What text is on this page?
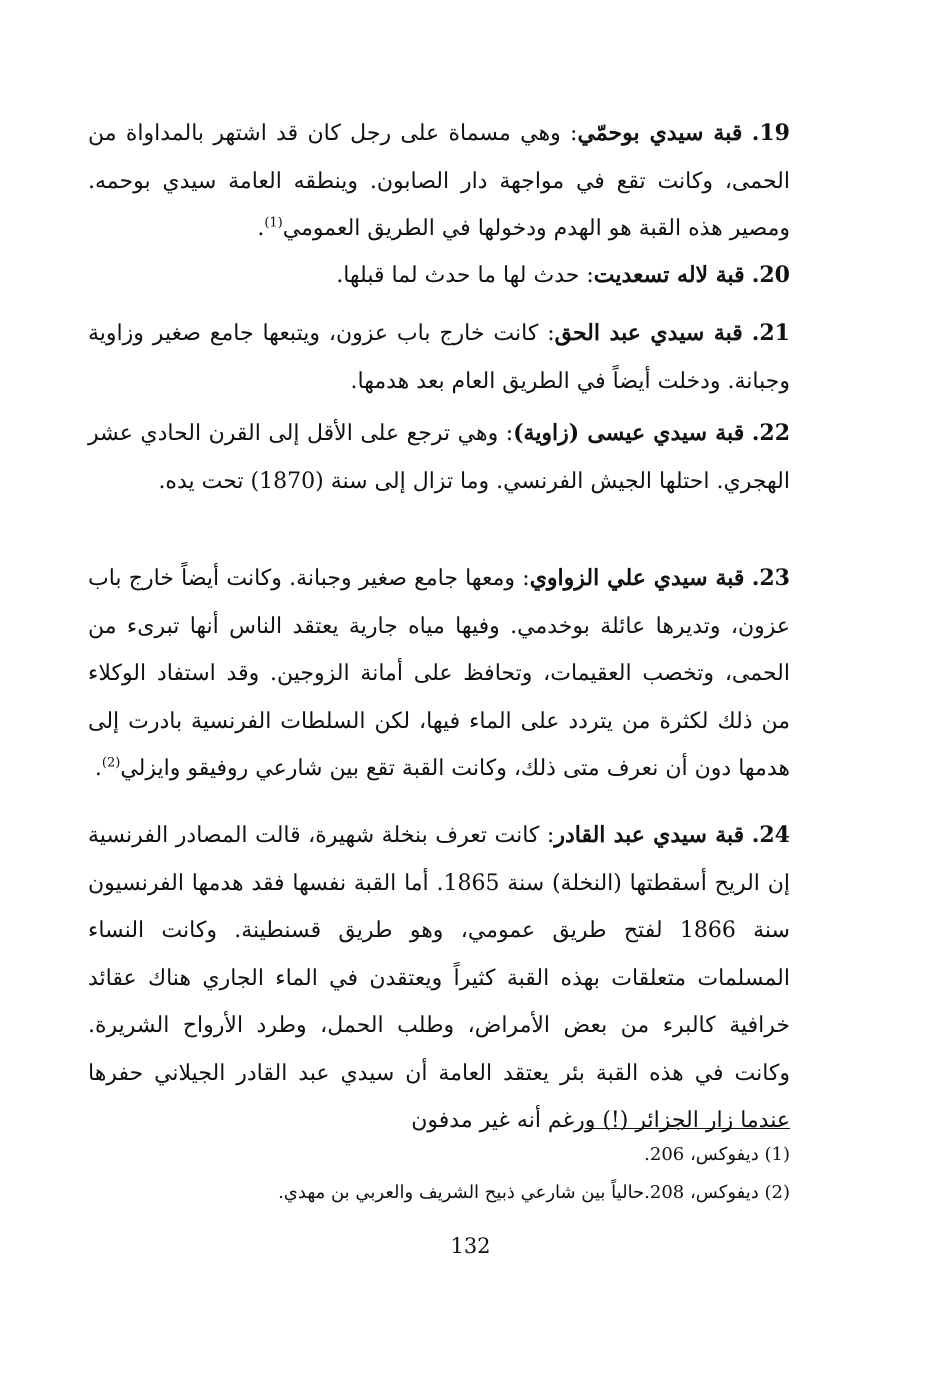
19. قبة سيدي بوحمّي: وهي مسماة على رجل كان قد اشتهر بالمداواة من الحمى، وكانت تقع في مواجهة دار الصابون. وينطقه العامة سيدي بوحمه. ومصير هذه القبة هو الهدم ودخولها في الطريق العمومي$^{(1)}$.

20. قبة لاله تسعديت: حدث لها ما حدث لما قبلها.

21. قبة سيدي عبد الحق: كانت خارج باب عزون، ويتبعها جامع صغير وزاوية وجبانة. ودخلت أيضاً في الطريق العام بعد هدمها.

22. قبة سيدي عيسى (زاوية): وهي ترجع على الأقل إلى القرن الحادي عشر الهجري. احتلها الجيش الفرنسي. وما تزال إلى سنة (1870) تحت يده.

23. قبة سيدي علي الزواوي: ومعها جامع صغير وجبانة. وكانت أيضاً خارج باب عزون، وتديرها عائلة بوخدمي. وفيها مياه جارية يعتقد الناس أنها تبرىء من الحمى، وتخصب العقيمات، وتحافظ على أمانة الزوجين. وقد استفاد الوكلاء من ذلك لكثرة من يتردد على الماء فيها، لكن السلطات الفرنسية بادرت إلى هدمها دون أن نعرف متى ذلك، وكانت القبة تقع بين شارعي روفيقو وايزلي$^{(2)}$.

24. قبة سيدي عبد القادر: كانت تعرف بنخلة شهيرة، قالت المصادر الفرنسية إن الريح أسقطتها (النخلة) سنة 1865. أما القبة نفسها فقد هدمها الفرنسيون سنة 1866 لفتح طريق عمومي، وهو طريق قسنطينة. وكانت النساء المسلمات متعلقات بهذه القبة كثيراً ويعتقدن في الماء الجاري هناك عقائد خرافية كالبرء من بعض الأمراض، وطلب الحمل، وطرد الأرواح الشريرة. وكانت في هذه القبة بئر يعتقد العامة أن سيدي عبد القادر الجيلاني حفرها عندما زار الجزائر (!) ورغم أنه غير مدفون

(1) ديفوكس، 206.

(2) ديفوكس، 208.حالياً بين شارعي ذبيح الشريف والعربي بن مهدي.

132
